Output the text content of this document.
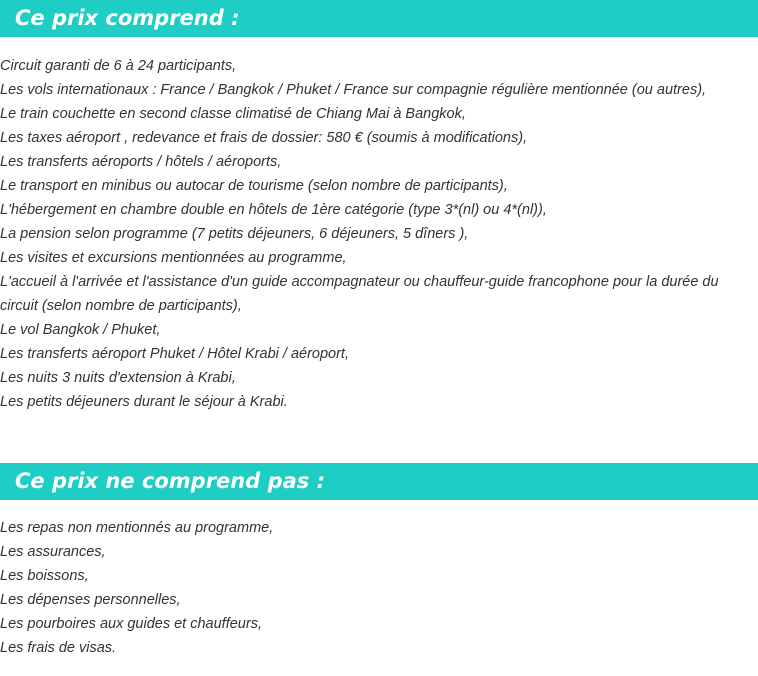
Ce prix comprend :
Circuit garanti de 6 à 24 participants,
Les vols internationaux : France / Bangkok / Phuket / France sur compagnie régulière mentionnée (ou autres),
Le train couchette en second classe climatisé de Chiang Mai à Bangkok,
Les taxes aéroport , redevance et frais de dossier: 580 € (soumis à modifications),
Les transferts aéroports / hôtels / aéroports,
Le transport en minibus ou autocar de tourisme (selon nombre de participants),
L'hébergement en chambre double en hôtels de 1ère catégorie (type 3*(nl) ou 4*(nl)),
La pension selon programme (7 petits déjeuners, 6 déjeuners, 5 dîners ),
Les visites et excursions mentionnées au programme,
L'accueil à l'arrivée et l'assistance d'un guide accompagnateur ou chauffeur-guide francophone pour la durée du circuit (selon nombre de participants),
Le vol Bangkok / Phuket,
Les transferts aéroport Phuket / Hôtel Krabi / aéroport,
Les nuits 3 nuits d'extension à Krabi,
Les petits déjeuners durant le séjour à Krabi.
Ce prix ne comprend pas :
Les repas non mentionnés au programme,
Les assurances,
Les boissons,
Les dépenses personnelles,
Les pourboires aux guides et chauffeurs,
Les frais de visas.
